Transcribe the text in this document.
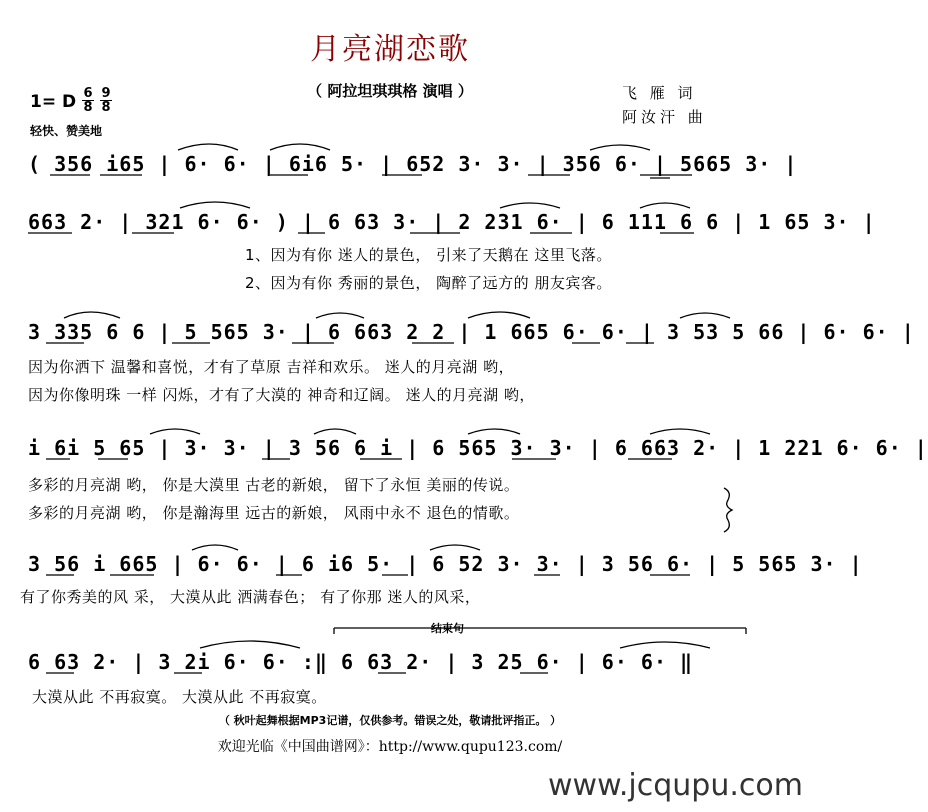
月亮湖恋歌
（ 阿拉坦琪琪格 演唱 ）	飞 雁 词
阿汝汗 曲
1= D 6
8
9
8
轻快、赞美地
( 356 i65 | 6· 6· | 6i6 5· | 652 3· 3· | 356 6· | 5665 3· |
663 2· | 321 6· 6· ) | 6 63 3· | 2 231 6· | 6 111 6 6 | 1 65 3· |
1、因为有你 迷人的景色， 引来了天鹅在 这里飞落。
2、因为有你 秀丽的景色， 陶醉了远方的 朋友宾客。
3 335 6 6 | 5 565 3· | 6 663 2 2 | 1 665 6· 6· | 3 53 5 66 | 6· 6· |
因为你洒下 温馨和喜悦，才有了草原 吉祥和欢乐。 迷人的月亮湖 哟，
因为你像明珠 一样 闪烁，才有了大漠的 神奇和辽阔。 迷人的月亮湖 哟，
i 6i 5 65 | 3· 3· | 3 56 6 i | 6 565 3· 3· | 6 663 2· | 1 221 6· 6· |
多彩的月亮湖 哟， 你是大漠里 古老的新娘， 留下了永恒 美丽的传说。
多彩的月亮湖 哟， 你是瀚海里 远古的新娘， 风雨中永不 退色的情歌。
3 56 i 665 | 6· 6· | 6 i6 5· | 6 52 3· 3· | 3 56 6· | 5 565 3· |
有了你秀美的风 采， 大漠从此 洒满春色； 有了你那 迷人的风采，
结束句
6 63 2· | 3 2i 6· 6· :‖ 6 63 2· | 3 25 6· | 6· 6· ‖
大漠从此 不再寂寞。 大漠从此 不再寂寞。
（ 秋叶起舞根据MP3记谱，仅供参考。错误之处，敬请批评指正。 ）
欢迎光临《中国曲谱网》：http://www.qupu123.com/
www.jcqupu.com
